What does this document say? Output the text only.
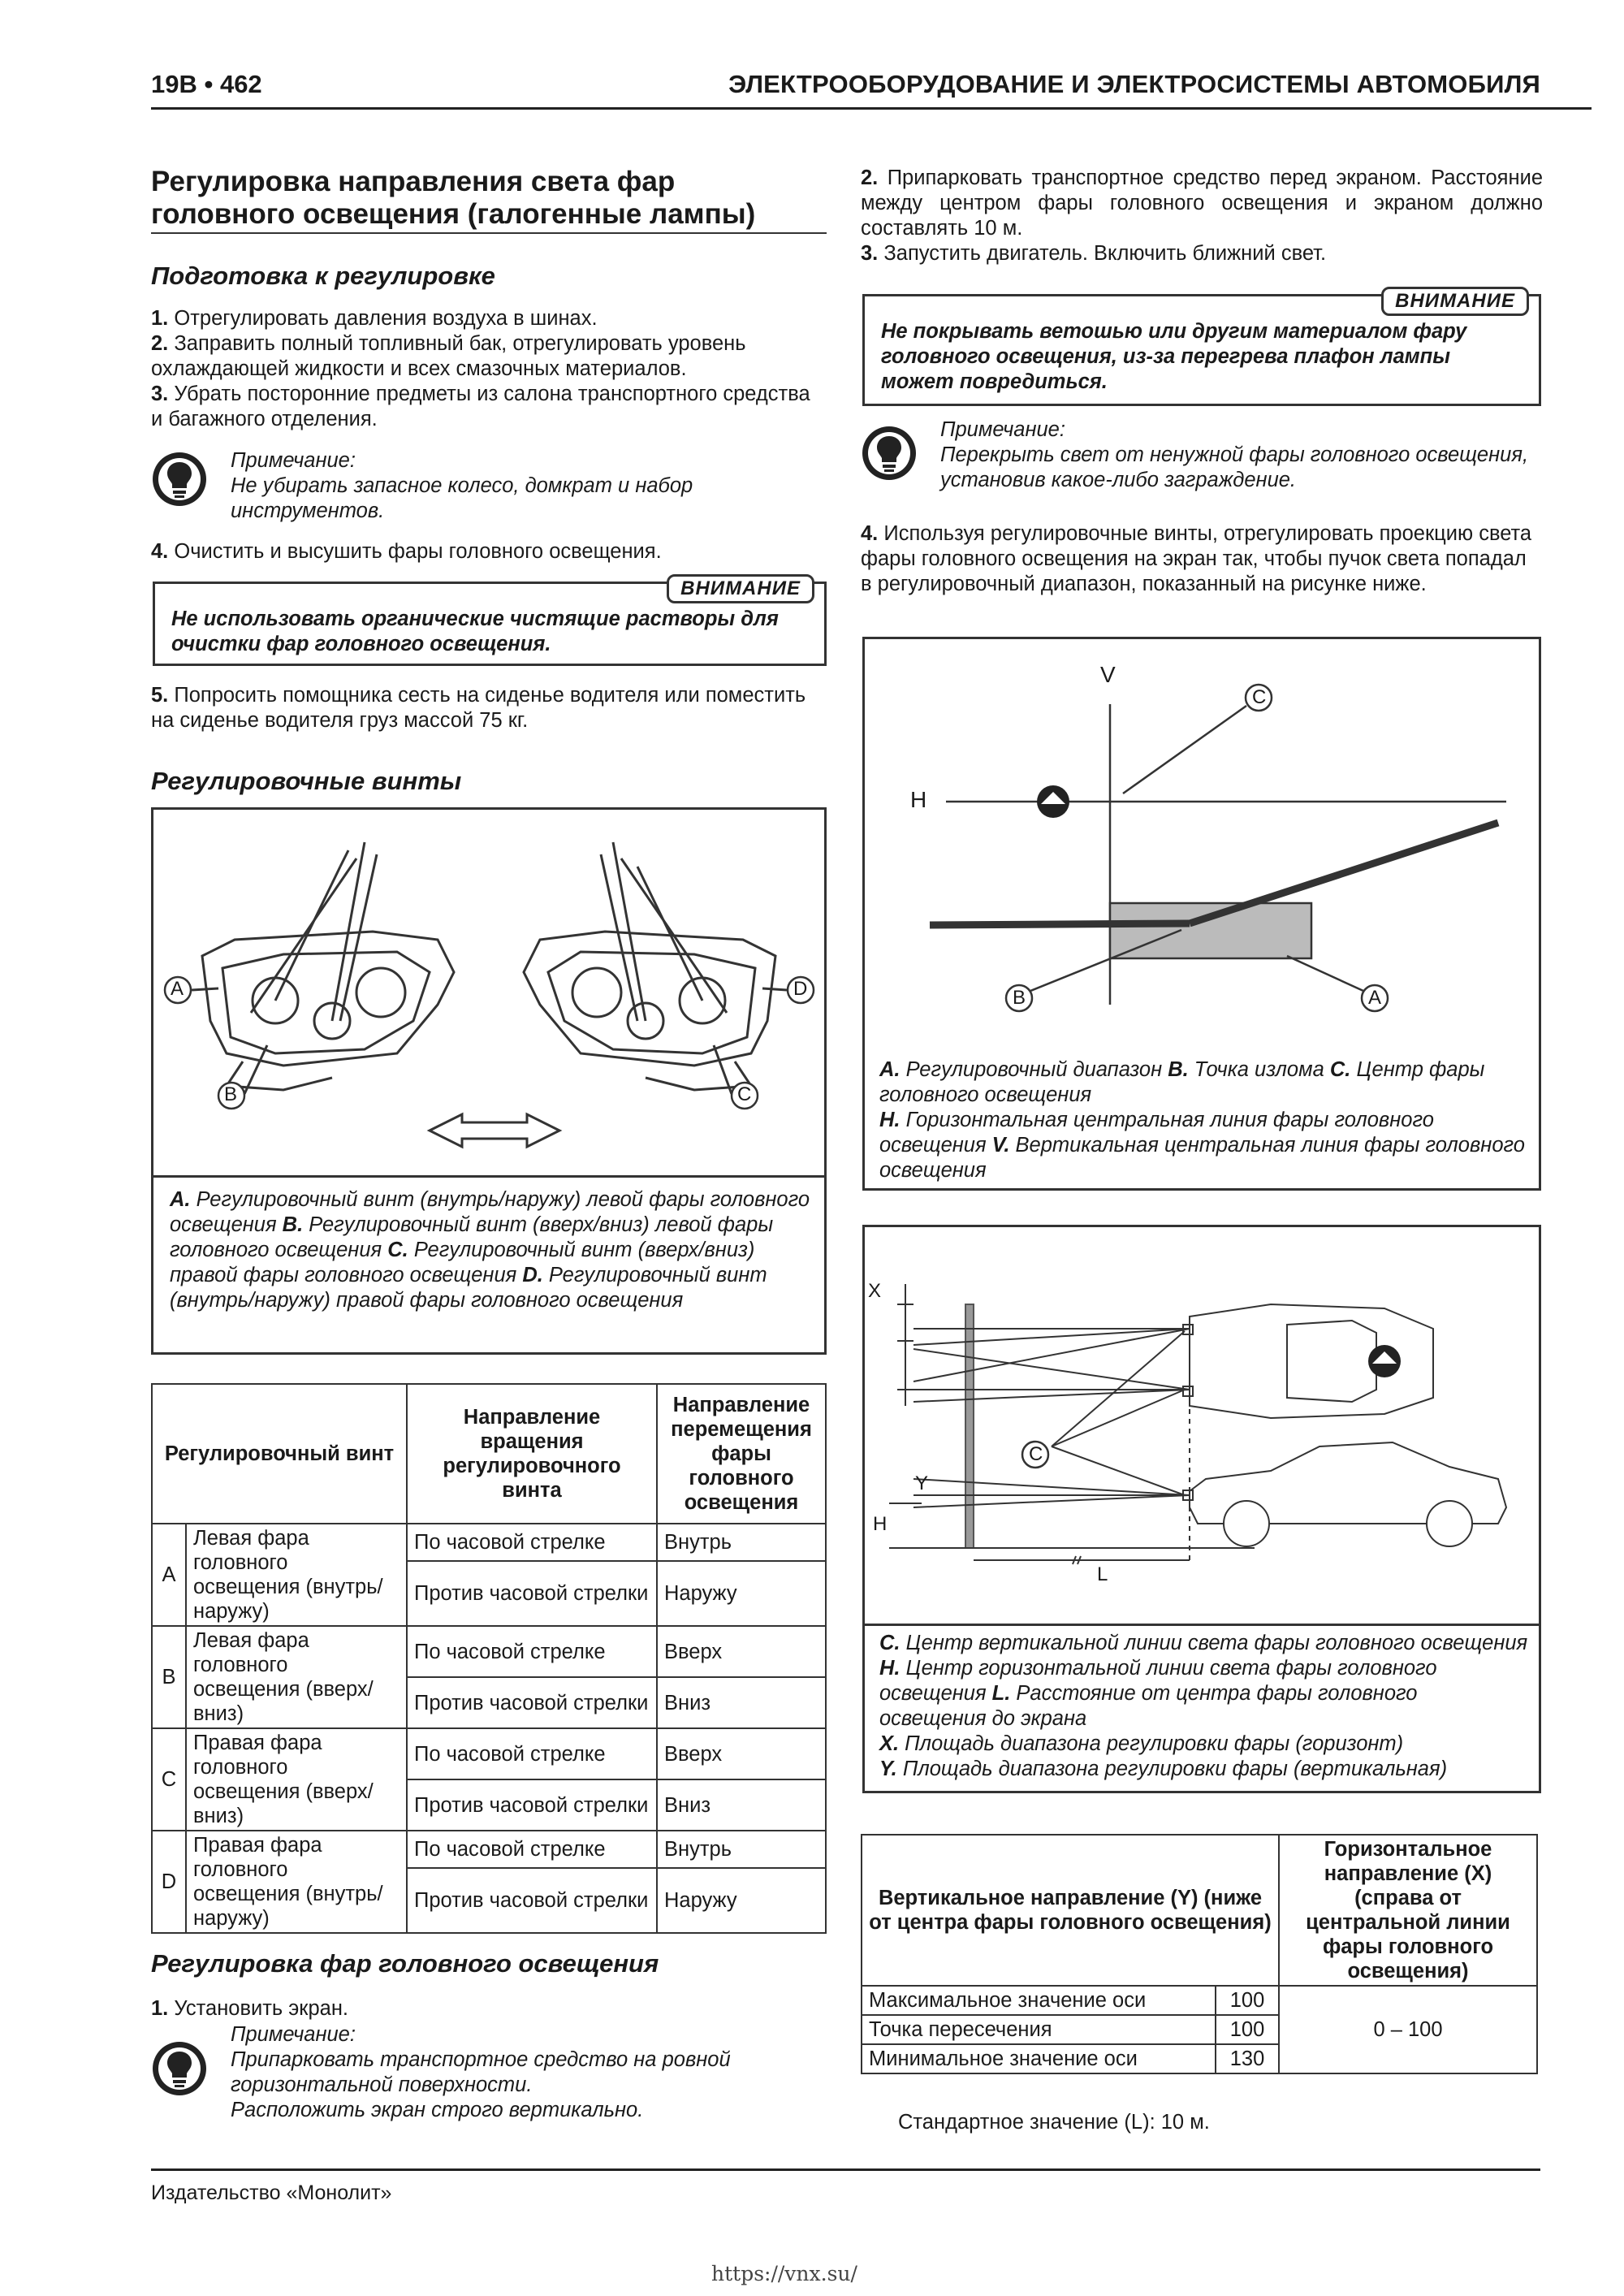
19B • 462	ЭЛЕКТРООБОРУДОВАНИЕ И ЭЛЕКТРОСИСТЕМЫ АВТОМОБИЛЯ
Регулировка направления света фар головного освещения (галогенные лампы)
Подготовка к регулировке
1. Отрегулировать давления воздуха в шинах.
2. Заправить полный топливный бак, отрегулировать уровень охлаждающей жидкости и всех смазочных материалов.
3. Убрать посторонние предметы из салона транспортного средства и багажного отделения.
Примечание:
Не убирать запасное колесо, домкрат и набор инструментов.
4. Очистить и высушить фары головного освещения.
ВНИМАНИЕ
Не использовать органические чистящие растворы для очистки фар головного освещения.
5. Попросить помощника сесть на сиденье водителя или поместить на сиденье водителя груз массой 75 кг.
Регулировочные винты
A
B
D
C
A. Регулировочный винт (внутрь/наружу) левой фары головного освещения B. Регулировочный винт (вверх/вниз) левой фары головного освещения C. Регулировочный винт (вверх/вниз) правой фары головного освещения D. Регулировочный винт (внутрь/наружу) правой фары головного освещения
Регулировочный винт		Направление вращения регулировочного винта	Направление перемещения фары головного освещения
A	Левая фара головного освещения (внутрь/наружу)	По часовой стрелке	Внутрь
		Против часовой стрелки	Наружу
B	Левая фара головного освещения (вверх/вниз)	По часовой стрелке	Вверх
		Против часовой стрелки	Вниз
C	Правая фара головного освещения (вверх/вниз)	По часовой стрелке	Вверх
		Против часовой стрелки	Вниз
D	Правая фара головного освещения (внутрь/наружу)	По часовой стрелке	Внутрь
		Против часовой стрелки	Наружу
Регулировка фар головного освещения
1. Установить экран.
Примечание:
Припарковать транспортное средство на ровной горизонтальной поверхности.
Расположить экран строго вертикально.
2. Припарковать транспортное средство перед экраном. Расстояние между центром фары головного освещения и экраном должно составлять 10 м.
3. Запустить двигатель. Включить ближний свет.
ВНИМАНИЕ
Не покрывать ветошью или другим материалом фару головного освещения, из-за перегрева плафон лампы может повредиться.
Примечание:
Перекрыть свет от ненужной фары головного освещения, установив какое-либо заграждение.
4. Используя регулировочные винты, отрегулировать проекцию света фары головного освещения на экран так, чтобы пучок света попадал в регулировочный диапазон, показанный на рисунке ниже.
V
H
C
B	A
A. Регулировочный диапазон B. Точка излома C. Центр фары головного освещения
H. Горизонтальная центральная линия фары головного освещения V. Вертикальная центральная линия фары головного освещения
X
Y
H
C
L
C. Центр вертикальной линии света фары головного освещения H. Центр горизонтальной линии света фары головного освещения L. Расстояние от центра фары головного освещения до экрана
X. Площадь диапазона регулировки фары (горизонт)
Y. Площадь диапазона регулировки фары (вертикальная)
Вертикальное направление (Y) (ниже от центра фары головного освещения)		Горизонтальное направление (X) (справа от центральной линии фары головного освещения)
Максимальное значение оси	100	0 – 100
Точка пересечения	100	
Минимальное значение оси	130	
Стандартное значение (L): 10 м.
Издательство «Монолит»
https://vnx.su/
